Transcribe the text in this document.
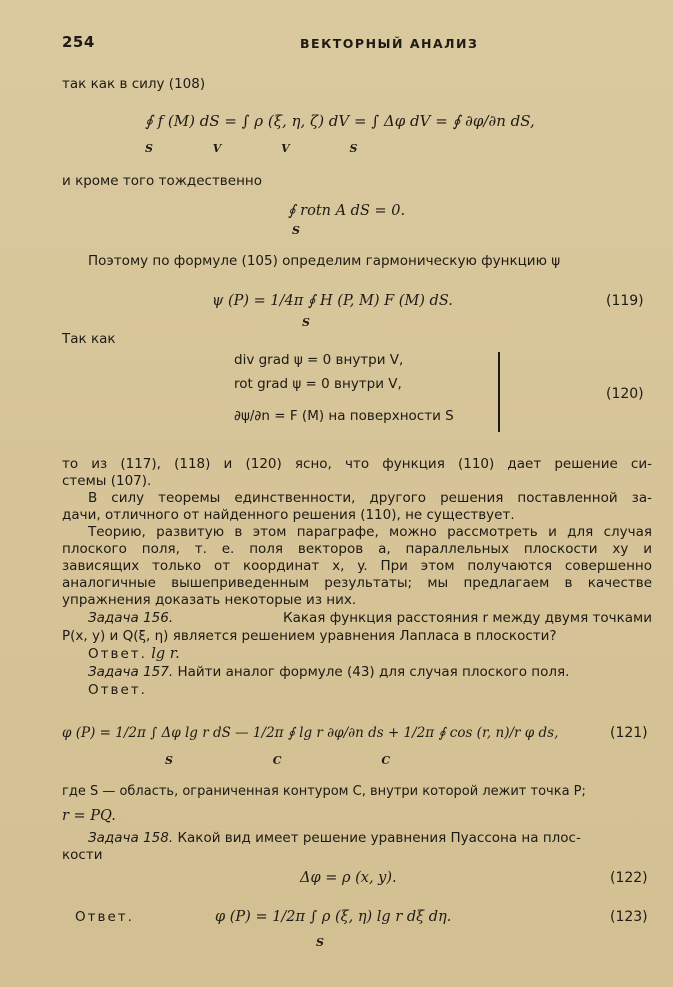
254	ВЕКТОРНЫЙ АНАЛИЗ
так как в силу (108)
∮ f (M) dS = ∫ ρ (ξ, η, ζ) dV = ∫ Δφ dV = ∮ ∂φ/∂n dS,
S V V S
и кроме того тождественно
∮ rotn A dS = 0.
S
Поэтому по формуле (105) определим гармоническую функцию ψ
ψ (P) = 1/4π ∮ H (P, M) F (M) dS.
S
(119)
Так как
div grad ψ = 0 внутри V,
rot grad ψ = 0 внутри V,
∂ψ/∂n = F (M) на поверхности S
(120)
то из (117), (118) и (120) ясно, что функция (110) дает решение си-
стемы (107).
В силу теоремы единственности, другого решения поставленной за-
дачи, отличного от найденного решения (110), не существует.
Теорию, развитую в этом параграфе, можно рассмотреть и для случая
плоского поля, т. е. поля векторов a, параллельных плоскости xy и
зависящих только от координат x, y. При этом получаются совершенно
аналогичные вышеприведенным результаты; мы предлагаем в качестве
упражнения доказать некоторые из них.
Задача 156.	Какая функция расстояния r между двумя точками
P(x, y) и Q(ξ, η) является решением уравнения Лапласа в плоскости?
Ответ. lg r.
Задача 157. Найти аналог формуле (43) для случая плоского поля.
Ответ.
φ (P) = 1/2π ∫ Δφ lg r dS — 1/2π ∮ lg r ∂φ/∂n ds + 1/2π ∮ cos (r, n)/r φ ds,
S C C
(121)
где S — область, ограниченная контуром C, внутри которой лежит точка P;
r = PQ.
Задача 158. Какой вид имеет решение уравнения Пуассона на плос-
кости
Δφ = ρ (x, y).	(122)
Ответ.	φ (P) = 1/2π ∫ ρ (ξ, η) lg r dξ dη.
S
(123)
